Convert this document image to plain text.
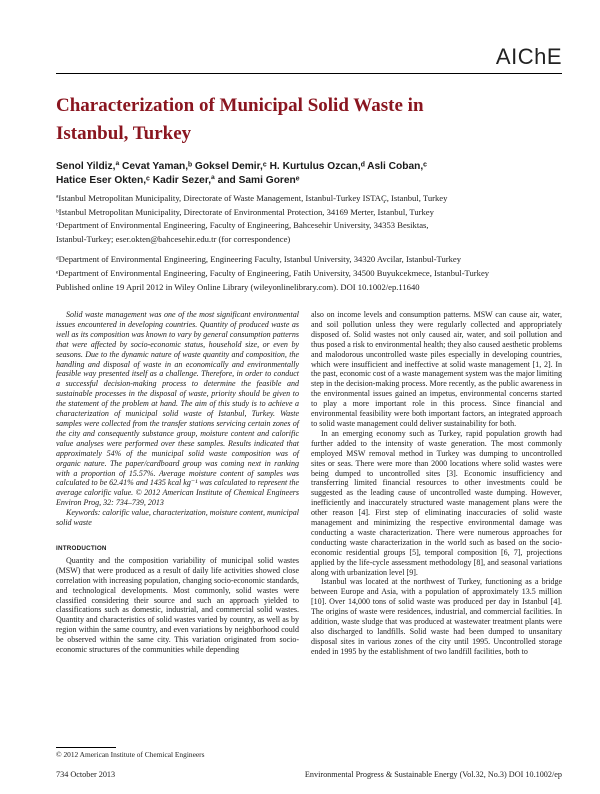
AIChE
Characterization of Municipal Solid Waste in Istanbul, Turkey
Senol Yildiz,ª Cevat Yaman,ᵇ Goksel Demir,ᶜ H. Kurtulus Ozcan,ᵈ Asli Coban,ᶜ
Hatice Eser Okten,ᶜ Kadir Sezer,ª and Sami Gorenᵉ
ªIstanbul Metropolitan Municipality, Directorate of Waste Management, Istanbul-Turkey ISTAÇ, Istanbul, Turkey
ᵇIstanbul Metropolitan Municipality, Directorate of Environmental Protection, 34169 Merter, Istanbul, Turkey
ᶜDepartment of Environmental Engineering, Faculty of Engineering, Bahcesehir University, 34353 Besiktas,
Istanbul-Turkey; eser.okten@bahcesehir.edu.tr (for correspondence)
ᵈDepartment of Environmental Engineering, Engineering Faculty, Istanbul University, 34320 Avcilar, Istanbul-Turkey
ᵉDepartment of Environmental Engineering, Faculty of Engineering, Fatih University, 34500 Buyukcekmece, Istanbul-Turkey
Published online 19 April 2012 in Wiley Online Library (wileyonlinelibrary.com). DOI 10.1002/ep.11640

Solid waste management was one of the most significant environmental issues encountered in developing countries. Quantity of produced waste as well as its composition was known to vary by general consumption patterns that were affected by socio-economic status, household size, or even by seasons. Due to the dynamic nature of waste quantity and composition, the handling and disposal of waste in an economically and environmentally feasible way presented itself as a challenge. Therefore, in order to conduct a successful decision-making process to determine the feasible and sustainable processes in the disposal of waste, priority should be given to the statement of the problem at hand. The aim of this study is to achieve a characterization of municipal solid waste of Istanbul, Turkey. Waste samples were collected from the transfer stations servicing certain zones of the city and consequently substance group, moisture content and calorific value analyses were performed over these samples. Results indicated that approximately 54% of the municipal solid waste composition was of organic nature. The paper/cardboard group was coming next in ranking with a proportion of 15.57%. Average moisture content of samples was calculated to be 62.41% and 1435 kcal kg⁻¹ was calculated to represent the average calorific value. © 2012 American Institute of Chemical Engineers Environ Prog, 32: 734–739, 2013

Keywords: calorific value, characterization, moisture content, municipal solid waste

INTRODUCTION

Quantity and the composition variability of municipal solid wastes (MSW) that were produced as a result of daily life activities showed close correlation with increasing population, changing socio-economic standards, and technological developments. Most commonly, solid wastes were classified considering their source and such an approach yielded to classifications such as domestic, industrial, and commercial solid wastes. Quantity and characteristics of solid wastes varied by country, as well as by region within the same country, and even variations by neighborhood could be observed within the same city. This variation originated from socio-economic structures of the communities while depending

also on income levels and consumption patterns. MSW can cause air, water, and soil pollution unless they were regularly collected and appropriately disposed of. Solid wastes not only caused air, water, and soil pollution and thus posed a risk to environmental health; they also caused aesthetic problems and malodorous uncontrolled waste piles especially in developing countries, which were insufficient and ineffective at solid waste management [1, 2]. In the past, economic cost of a waste management system was the major limiting step in the decision-making process. More recently, as the public awareness in the environmental issues gained an impetus, environmental concerns started to play a more important role in this process. Since financial and environmental feasibility were both important factors, an integrated approach to solid waste management could deliver sustainability for both.

In an emerging economy such as Turkey, rapid population growth had further added to the intensity of waste generation. The most commonly employed MSW removal method in Turkey was dumping to uncontrolled sites or seas. There were more than 2000 locations where solid wastes were being dumped to uncontrolled sites [3]. Economic insufficiency and transferring limited financial resources to other investments could be suggested as the leading cause of uncontrolled waste dumping. However, inefficiently and inaccurately structured waste management plans were the other reason [4]. First step of eliminating inaccuracies of solid waste management and minimizing the respective environmental damage was conducting a waste characterization. There were numerous approaches for conducting waste characterization in the world such as based on the socio-economic residential groups [5], temporal composition [6, 7], projections applied by the life-cycle assessment methodology [8], and seasonal variations along with urbanization level [9].

Istanbul was located at the northwest of Turkey, functioning as a bridge between Europe and Asia, with a population of approximately 13.5 million [10]. Over 14,000 tons of solid waste was produced per day in Istanbul [4]. The origins of waste were residences, industrial, and commercial facilities. In addition, waste sludge that was produced at wastewater treatment plants were also discharged to landfills. Solid waste had been dumped to unsanitary disposal sites in various zones of the city until 1995. Uncontrolled storage ended in 1995 by the establishment of two landfill facilities, both to

© 2012 American Institute of Chemical Engineers
734 October 2013	Environmental Progress & Sustainable Energy (Vol.32, No.3) DOI 10.1002/ep
